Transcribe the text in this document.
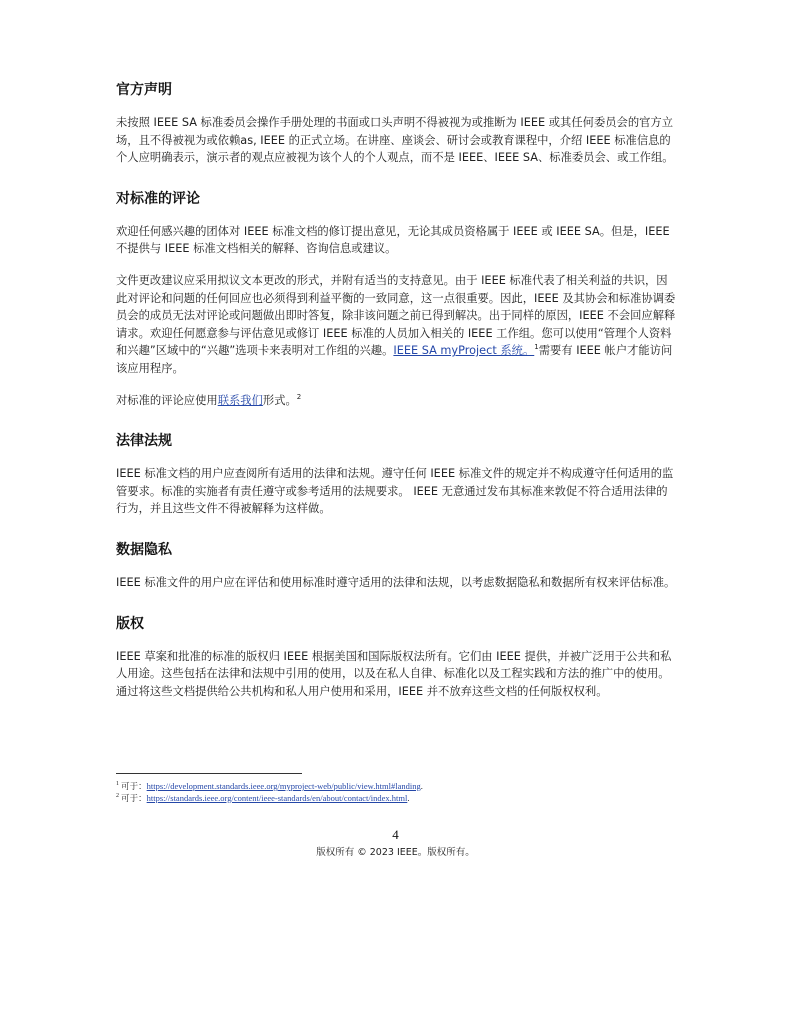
官方声明

未按照 IEEE SA 标准委员会操作手册处理的书面或口头声明不得被视为或推断为 IEEE 或其任何委员会的官方立场，且不得被视为或依赖as, IEEE 的正式立场。在讲座、座谈会、研讨会或教育课程中，介绍 IEEE 标准信息的个人应明确表示，演示者的观点应被视为该个人的个人观点，而不是 IEEE、IEEE SA、标准委员会、或工作组。

对标准的评论

欢迎任何感兴趣的团体对 IEEE 标准文档的修订提出意见，无论其成员资格属于 IEEE 或 IEEE SA。但是，IEEE 不提供与 IEEE 标准文档相关的解释、咨询信息或建议。

文件更改建议应采用拟议文本更改的形式，并附有适当的支持意见。由于 IEEE 标准代表了相关利益的共识，因此对评论和问题的任何回应也必须得到利益平衡的一致同意，这一点很重要。因此，IEEE 及其协会和标准协调委员会的成员无法对评论或问题做出即时答复，除非该问题之前已得到解决。出于同样的原因，IEEE 不会回应解释请求。欢迎任何愿意参与评估意见或修订 IEEE 标准的人员加入相关的 IEEE 工作组。您可以使用“管理个人资料和兴趣”区域中的“兴趣”选项卡来表明对工作组的兴趣。IEEE SA myProject 系统。$^1$需要有 IEEE 帐户才能访问该应用程序。

对标准的评论应使用联系我们形式。$^2$

法律法规

IEEE 标准文档的用户应查阅所有适用的法律和法规。遵守任何 IEEE 标准文件的规定并不构成遵守任何适用的监管要求。标准的实施者有责任遵守或参考适用的法规要求。 IEEE 无意通过发布其标准来敦促不符合适用法律的行为，并且这些文件不得被解释为这样做。

数据隐私

IEEE 标准文件的用户应在评估和使用标准时遵守适用的法律和法规，以考虑数据隐私和数据所有权来评估标准。

版权

IEEE 草案和批准的标准的版权归 IEEE 根据美国和国际版权法所有。它们由 IEEE 提供，并被广泛用于公共和私人用途。这些包括在法律和法规中引用的使用，以及在私人自律、标准化以及工程实践和方法的推广中的使用。通过将这些文档提供给公共机构和私人用户使用和采用，IEEE 并不放弃这些文档的任何版权权利。

$^1$ 可于：https://development.standards.ieee.org/myproject-web/public/view.html#landing.
$^2$ 可于：https://standards.ieee.org/content/ieee-standards/en/about/contact/index.html.
4
版权所有 © 2023 IEEE。版权所有。
